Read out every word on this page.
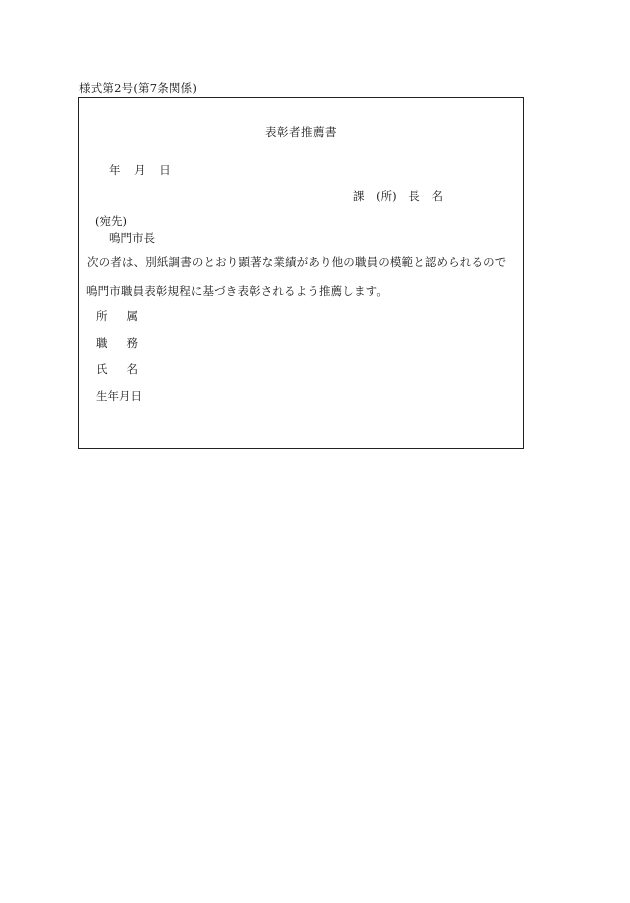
様式第2号(第7条関係)
表彰者推薦書
年 月 日
課 (所) 長 名
(宛先)
鳴門市長
次の者は、別紙調書のとおり顕著な業績があり他の職員の模範と認められるので
鳴門市職員表彰規程に基づき表彰されるよう推薦します。
所属
職務
氏名
生年月日
